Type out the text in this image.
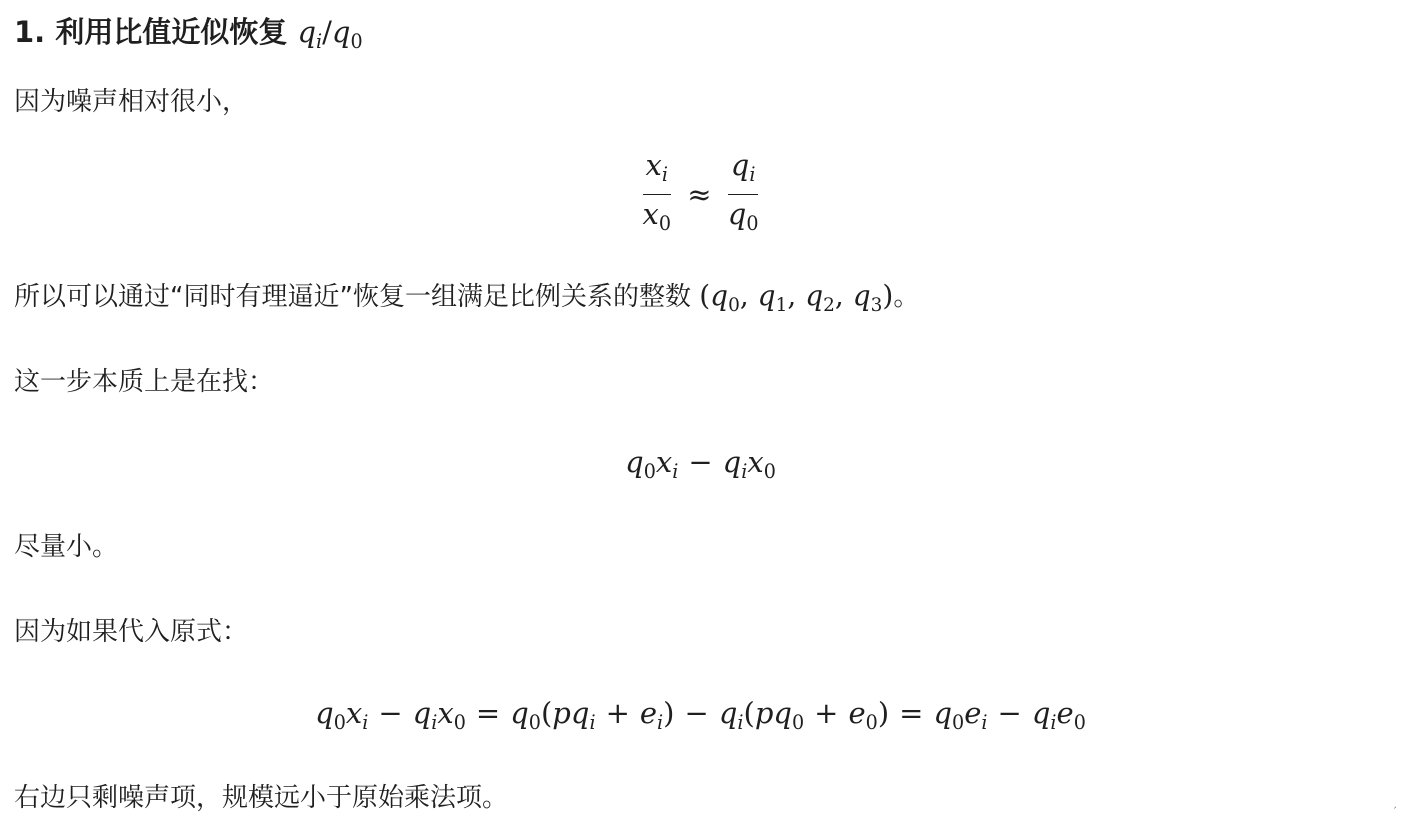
1. 利用比值近似恢复 $q_i/q_0$
因为噪声相对很小，
$\frac{x_i}{x_0} \approx \frac{q_i}{q_0}$
所以可以通过“同时有理逼近”恢复一组满足比例关系的整数 ($q_0$, $q_1$, $q_2$, $q_3$)。
这一步本质上是在找：
$q_0x_i - q_ix_0$
尽量小。
因为如果代入原式：
$q_0x_i - q_ix_0 = q_0(pq_i + e_i) - q_i(pq_0 + e_0) = q_0e_i - q_ie_0$
右边只剩噪声项，规模远小于原始乘法项。	ˊ
